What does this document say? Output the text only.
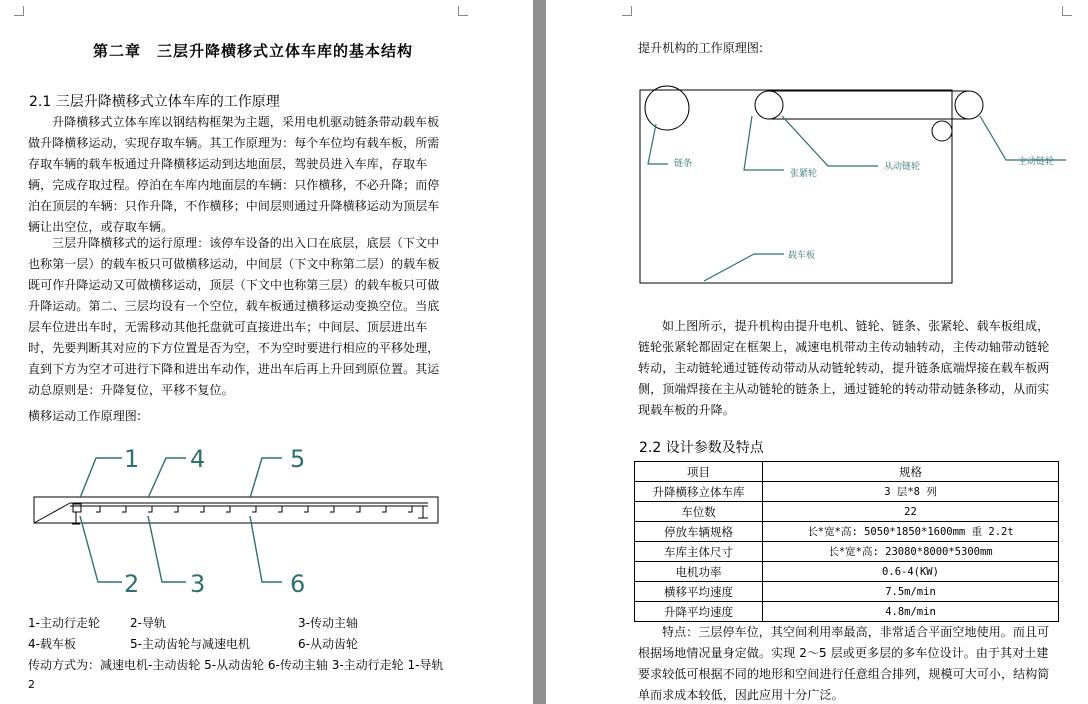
第二章　三层升降横移式立体车库的基本结构
2.1 三层升降横移式立体车库的工作原理
升降横移式立体车库以钢结构框架为主题，采用电机驱动链条带动载车板做升降横移运动，实现存取车辆。其工作原理为：每个车位均有载车板，所需存取车辆的载车板通过升降横移运动到达地面层，驾驶员进入车库，存取车辆，完成存取过程。停泊在车库内地面层的车辆：只作横移，不必升降；而停泊在顶层的车辆：只作升降，不作横移；中间层则通过升降横移运动为顶层车辆让出空位，或存取车辆。
三层升降横移式的运行原理：该停车设备的出入口在底层，底层（下文中也称第一层）的载车板只可做横移运动，中间层（下文中称第二层）的载车板既可作升降运动又可做横移运动，顶层（下文中也称第三层）的载车板只可做升降运动。第二、三层均设有一个空位，载车板通过横移运动变换空位。当底层车位进出车时，无需移动其他托盘就可直接进出车；中间层、顶层进出车时，先要判断其对应的下方位置是否为空，不为空时要进行相应的平移处理，直到下方为空才可进行下降和进出车动作，进出车后再上升回到原位置。其运动总原则是：升降复位，平移不复位。
横移运动工作原理图:
1 4	5
2 3	6
1-主动行走轮	2-导轨	3-传动主轴
4-载车板	5-主动齿轮与减速电机	6-从动齿轮
传动方式为：减速电机-主动齿轮 5-从动齿轮 6-传动主轴 3-主动行走轮 1-导轨
2
提升机构的工作原理图:
链条
张紧轮
从动链轮	主动链轮
载车板
如上图所示，提升机构由提升电机、链轮、链条、张紧轮、载车板组成，链轮张紧轮都固定在框架上，减速电机带动主传动轴转动，主传动轴带动链轮转动，主动链轮通过链传动带动从动链轮转动，提升链条底端焊接在载车板两侧，顶端焊接在主从动链轮的链条上，通过链轮的转动带动链条移动，从而实现载车板的升降。
2.2 设计参数及特点
项目	规格
升降横移立体车库	3 层*8 列
车位数	22
停放车辆规格	长*宽*高: 5050*1850*1600mm 重 2.2t
车库主体尺寸	长*宽*高: 23080*8000*5300mm
电机功率	0.6-4(KW)
横移平均速度	7.5m/min
升降平均速度	4.8m/min
特点：三层停车位，其空间利用率最高，非常适合平面空地使用。而且可根据场地情况量身定做。实现 2～5 层或更多层的多车位设计。由于其对土建要求较低可根据不同的地形和空间进行任意组合排列，规模可大可小，结构简单而求成本较低，因此应用十分广泛。
